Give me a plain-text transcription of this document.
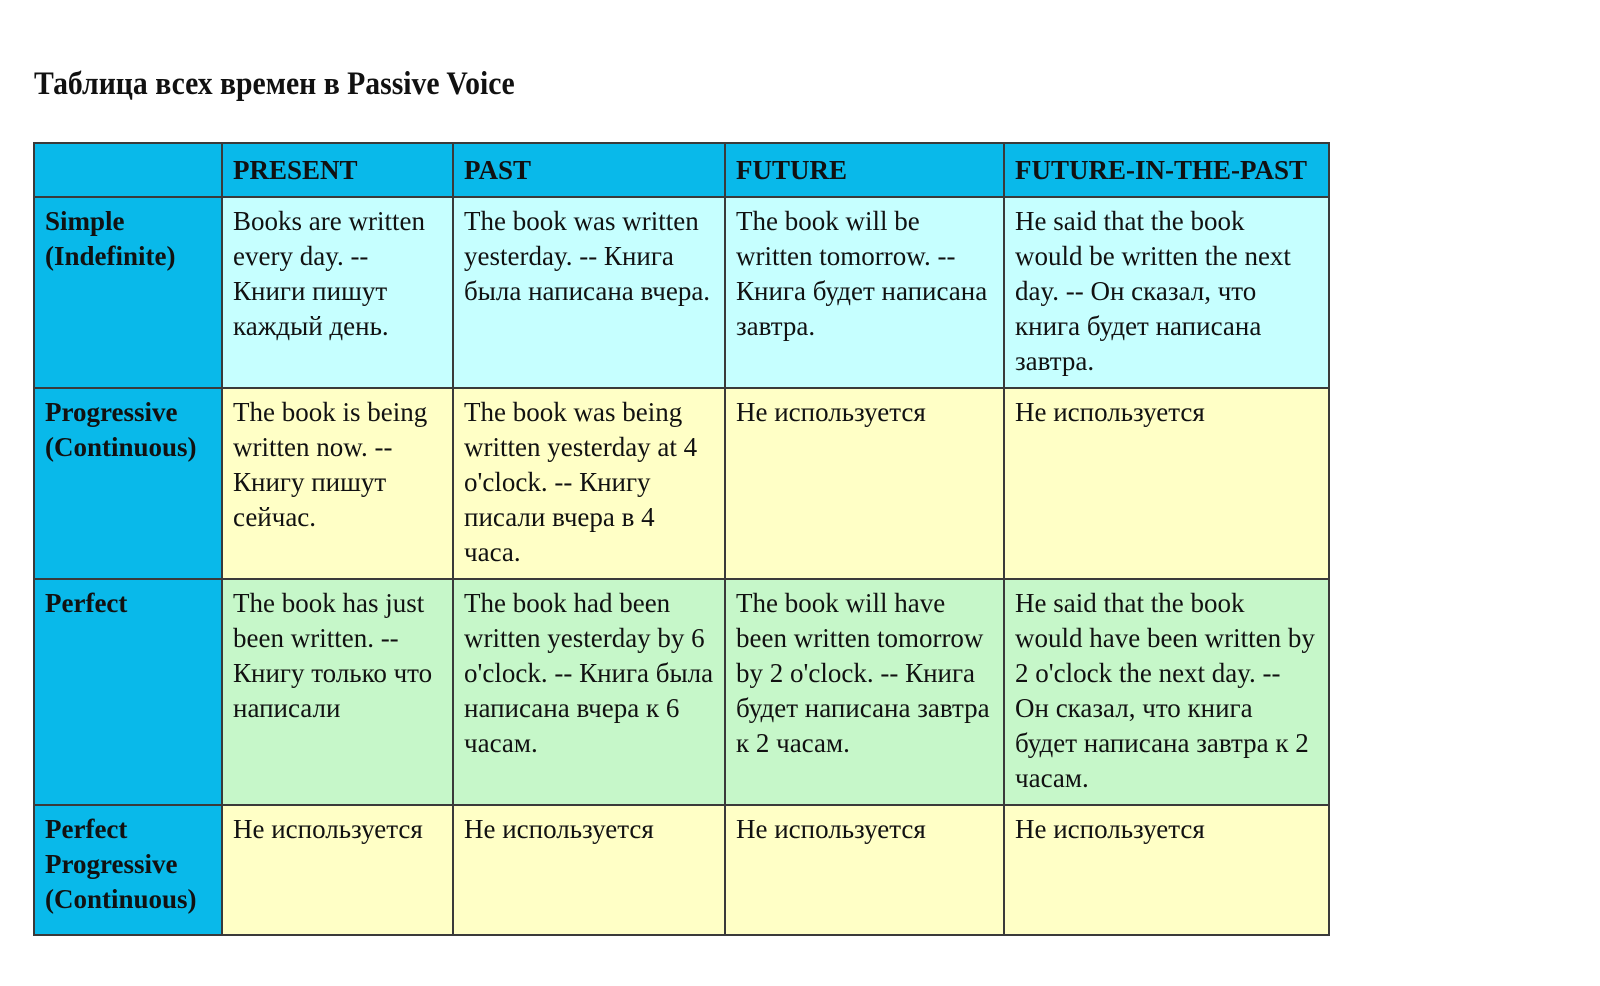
Таблица всех времен в Passive Voice
	PRESENT	PAST	FUTURE	FUTURE-IN-THE-PAST
Simple (Indefinite)	Books are written every day. -- Книги пишут каждый день.	The book was written yesterday. -- Книга была написана вчера.	The book will be written tomorrow. -- Книга будет написана завтра.	He said that the book would be written the next day. -- Он сказал, что книга будет написана завтра.
Progressive (Continuous)	The book is being written now. -- Книгу пишут сейчас.	The book was being written yesterday at 4 o'clock. -- Книгу писали вчера в 4 часа.	Не используется	Не используется
Perfect	The book has just been written. -- Книгу только что написали	The book had been written yesterday by 6 o'clock. -- Книга была написана вчера к 6 часам.	The book will have been written tomorrow by 2 o'clock. -- Книга будет написана завтра к 2 часам.	He said that the book would have been written by 2 o'clock the next day. -- Он сказал, что книга будет написана завтра к 2 часам.
Perfect Progressive (Continuous)	Не используется	Не используется	Не используется	Не используется
